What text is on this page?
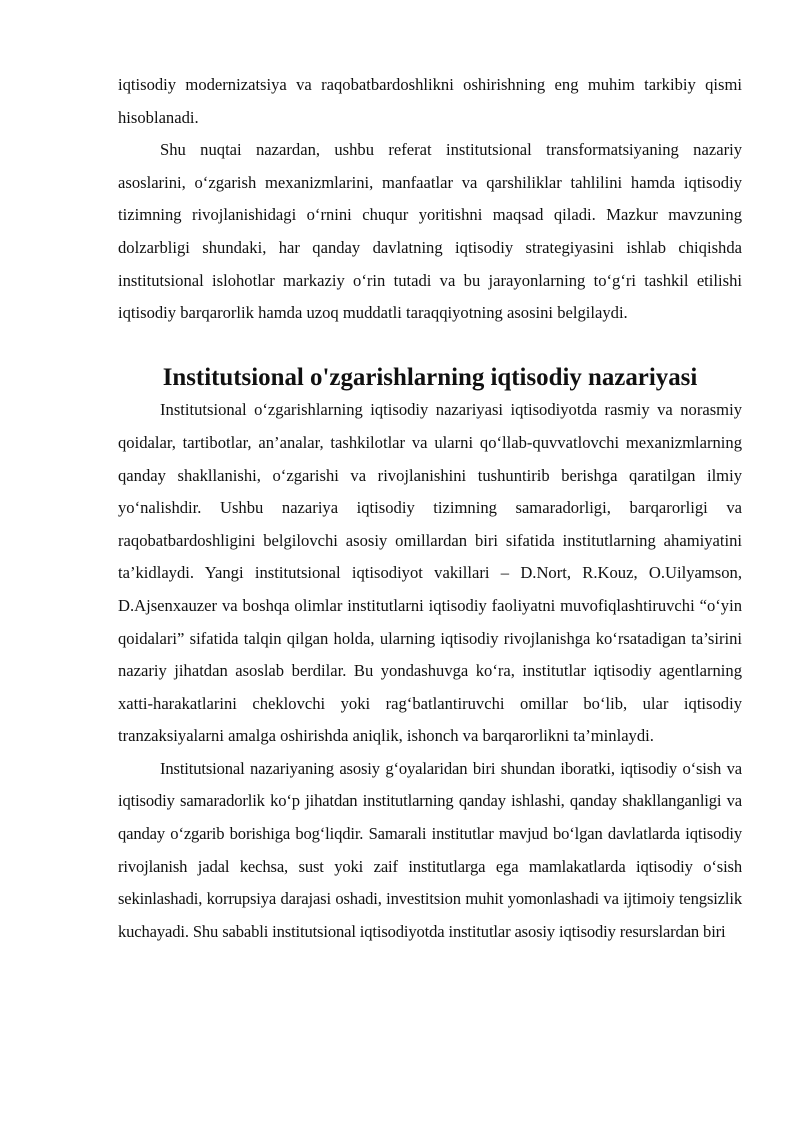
iqtisodiy modernizatsiya va raqobatbardoshlikni oshirishning eng muhim tarkibiy qismi hisoblanadi.

Shu nuqtai nazardan, ushbu referat institutsional transformatsiyaning nazariy asoslarini, o‘zgarish mexanizmlarini, manfaatlar va qarshiliklar tahlilini hamda iqtisodiy tizimning rivojlanishidagi o‘rnini chuqur yoritishni maqsad qiladi. Mazkur mavzuning dolzarbligi shundaki, har qanday davlatning iqtisodiy strategiyasini ishlab chiqishda institutsional islohotlar markaziy o‘rin tutadi va bu jarayonlarning to‘g‘ri tashkil etilishi iqtisodiy barqarorlik hamda uzoq muddatli taraqqiyotning asosini belgilaydi.

Institutsional o'zgarishlarning iqtisodiy nazariyasi

Institutsional o‘zgarishlarning iqtisodiy nazariyasi iqtisodiyotda rasmiy va norasmiy qoidalar, tartibotlar, an’analar, tashkilotlar va ularni qo‘llab-quvvatlovchi mexanizmlarning qanday shakllanishi, o‘zgarishi va rivojlanishini tushuntirib berishga qaratilgan ilmiy yo‘nalishdir. Ushbu nazariya iqtisodiy tizimning samaradorligi, barqarorligi va raqobatbardoshligini belgilovchi asosiy omillardan biri sifatida institutlarning ahamiyatini ta’kidlaydi. Yangi institutsional iqtisodiyot vakillari – D.Nort, R.Kouz, O.Uilyamson, D.Ajsenxauzer va boshqa olimlar institutlarni iqtisodiy faoliyatni muvofiqlashtiruvchi “o‘yin qoidalari” sifatida talqin qilgan holda, ularning iqtisodiy rivojlanishga ko‘rsatadigan ta’sirini nazariy jihatdan asoslab berdilar. Bu yondashuvga ko‘ra, institutlar iqtisodiy agentlarning xatti-harakatlarini cheklovchi yoki rag‘batlantiruvchi omillar bo‘lib, ular iqtisodiy tranzaksiyalarni amalga oshirishda aniqlik, ishonch va barqarorlikni ta’minlaydi.

Institutsional nazariyaning asosiy g‘oyalaridan biri shundan iboratki, iqtisodiy o‘sish va iqtisodiy samaradorlik ko‘p jihatdan institutlarning qanday ishlashi, qanday shakllanganligi va qanday o‘zgarib borishiga bog‘liqdir. Samarali institutlar mavjud bo‘lgan davlatlarda iqtisodiy rivojlanish jadal kechsa, sust yoki zaif institutlarga ega mamlakatlarda iqtisodiy o‘sish sekinlashadi, korrupsiya darajasi oshadi, investitsion muhit yomonlashadi va ijtimoiy tengsizlik kuchayadi. Shu sababli institutsional iqtisodiyotda institutlar asosiy iqtisodiy resurslardan biri
